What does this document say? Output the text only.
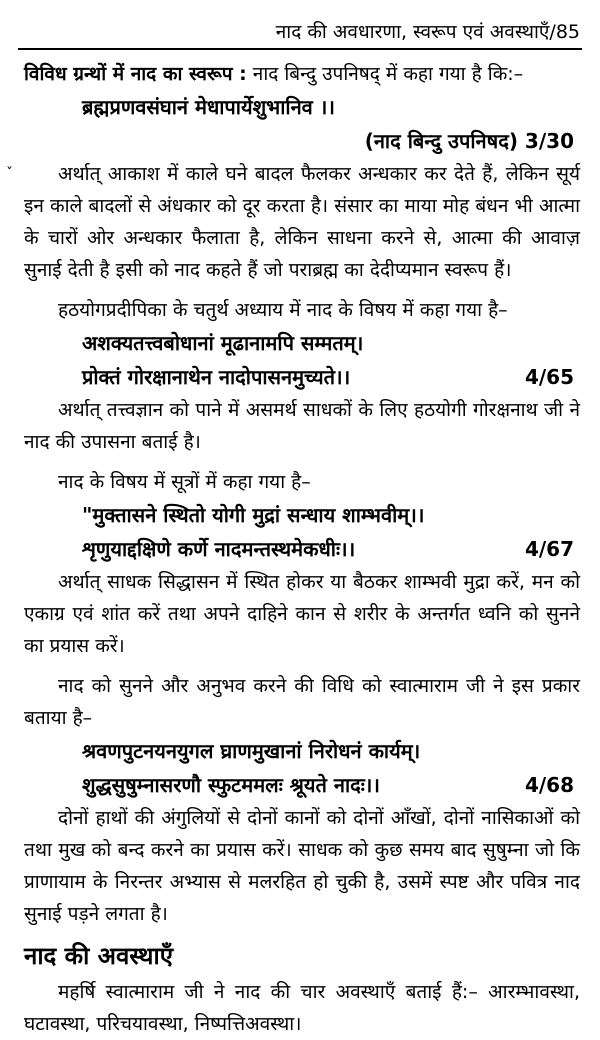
नाद की अवधारणा, स्वरूप एवं अवस्थाएँ/85
ˇ

विविध ग्रन्थों में नाद का स्वरूप : नाद बिन्दु उपनिषद् में कहा गया है कि:–

ब्रह्मप्रणवसंघानं मेधापार्येशुभानिव ।।
(नाद बिन्दु उपनिषद) 3/30

अर्थात् आकाश में काले घने बादल फैलकर अन्धकार कर देते हैं, लेकिन सूर्य इन काले बादलों से अंधकार को दूर करता है। संसार का माया मोह बंधन भी आत्मा के चारों ओर अन्धकार फैलाता है, लेकिन साधना करने से, आत्मा की आवाज़ सुनाई देती है इसी को नाद कहते हैं जो पराब्रह्म का देदीप्यमान स्वरूप हैं।

हठयोगप्रदीपिका के चतुर्थ अध्याय में नाद के विषय में कहा गया है–

अशक्यतत्त्वबोधानां मूढानामपि सम्मतम्।
प्रोक्तं गोरक्षानाथेन नादोपासनमुच्यते।।	4/65

अर्थात् तत्त्वज्ञान को पाने में असमर्थ साधकों के लिए हठयोगी गोरक्षनाथ जी ने नाद की उपासना बताई है।

नाद के विषय में सूत्रों में कहा गया है–

"मुक्तासने स्थितो योगी मुद्रां सन्धाय शाम्भवीम्।।
शृणुयाद्दक्षिणे कर्णे नादमन्तस्थमेकधीः।।	4/67

अर्थात् साधक सिद्धासन में स्थित होकर या बैठकर शाम्भवी मुद्रा करें, मन को एकाग्र एवं शांत करें तथा अपने दाहिने कान से शरीर के अन्तर्गत ध्वनि को सुनने का प्रयास करें।

नाद को सुनने और अनुभव करने की विधि को स्वात्माराम जी ने इस प्रकार बताया है–

श्रवणपुटनयनयुगल घ्राणमुखानां निरोधनं कार्यम्।
शुद्धसुषुम्नासरणौ स्फुटममलः श्रूयते नादः।।	4/68

दोनों हाथों की अंगुलियों से दोनों कानों को दोनों आँखों, दोनों नासिकाओं को तथा मुख को बन्द करने का प्रयास करें। साधक को कुछ समय बाद सुषुम्ना जो कि प्राणायाम के निरन्तर अभ्यास से मलरहित हो चुकी है, उसमें स्पष्ट और पवित्र नाद सुनाई पड़ने लगता है।

नाद की अवस्थाएँ

महर्षि स्वात्माराम जी ने नाद की चार अवस्थाएँ बताई हैं:– आरम्भावस्था, घटावस्था, परिचयावस्था, निष्पत्तिअवस्था।
